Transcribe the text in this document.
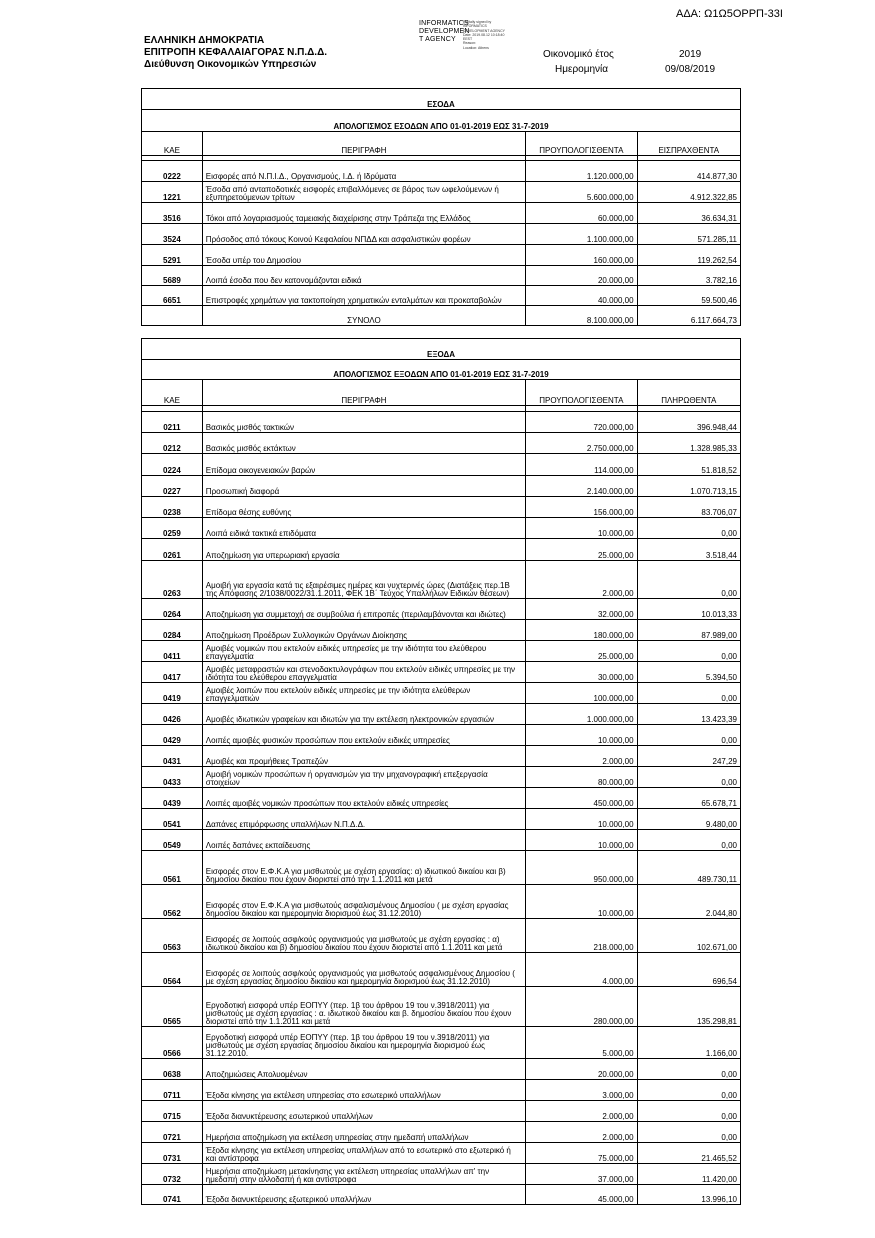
ΑΔΑ: Ω1Ω5ΟΡΡΠ-33Ι
ΕΛΛΗΝΙΚΗ ΔΗΜΟΚΡΑΤΙΑ
ΕΠΙΤΡΟΠΗ ΚΕΦΑΛΑΙΑΓΟΡΑΣ Ν.Π.Δ.Δ.
Διεύθυνση Οικονομικών Υπηρεσιών
INFORMATICS
DEVELOPMEN
T AGENCY
Digitally signed by
INFORMATICS
DEVELOPMENT AGENCY
Date: 2019.08.12 10:18:40
EEST
Reason:
Location: Athens
Οικονομικό έτος	2019
Ημερομηνία	09/08/2019
ΕΣΟΔΑ			
ΑΠΟΛΟΓΙΣΜΟΣ ΕΣΟΔΩΝ ΑΠΟ 01-01-2019 ΕΩΣ 31-7-2019			
ΚΑΕ	ΠΕΡΙΓΡΑΦΗ	ΠΡΟΥΠΟΛΟΓΙΣΘΕΝΤΑ	ΕΙΣΠΡΑΧΘΕΝΤΑ

0222	Εισφορές από Ν.Π.Ι.Δ., Οργανισμούς, Ι.Δ. ή Ιδρύματα	1.120.000,00	414.877,30
1221	Έσοδα από ανταποδοτικές εισφορές επιβαλλόμενες σε βάρος των ωφελούμενων ή εξυπηρετούμενων τρίτων	5.600.000,00	4.912.322,85
3516	Τόκοι από λογαριασμούς ταμειακής διαχείρισης στην Τράπεζα της Ελλάδος	60.000,00	36.634,31
3524	Πρόσοδος από τόκους Κοινού Κεφαλαίου ΝΠΔΔ και ασφαλιστικών φορέων	1.100.000,00	571.285,11
5291	Έσοδα υπέρ του Δημοσίου	160.000,00	119.262,54
5689	Λοιπά έσοδα που δεν κατονομάζονται ειδικά	20.000,00	3.782,16
6651	Επιστροφές χρημάτων για τακτοποίηση χρηματικών ενταλμάτων και προκαταβολών	40.000,00	59.500,46
	ΣΥΝΟΛΟ	8.100.000,00	6.117.664,73
ΕΞΟΔΑ			
ΑΠΟΛΟΓΙΣΜΟΣ ΕΞΟΔΩΝ ΑΠΟ 01-01-2019 ΕΩΣ 31-7-2019			
ΚΑΕ	ΠΕΡΙΓΡΑΦΗ	ΠΡΟΥΠΟΛΟΓΙΣΘΕΝΤΑ	ΠΛΗΡΩΘΕΝΤΑ

0211	Βασικός μισθός τακτικών	720.000,00	396.948,44
0212	Βασικός μισθός εκτάκτων	2.750.000,00	1.328.985,33
0224	Επίδομα οικογενειακών βαρών	114.000,00	51.818,52
0227	Προσωπική διαφορά	2.140.000,00	1.070.713,15
0238	Επίδομα θέσης ευθύνης	156.000,00	83.706,07
0259	Λοιπά ειδικά τακτικά επιδόματα	10.000,00	0,00
0261	Αποζημίωση για υπερωριακή εργασία	25.000,00	3.518,44
0263	Αμοιβή για εργασία κατά τις εξαιρέσιμες ημέρες και νυχτερινές ώρες (Διατάξεις περ.1Β της Απόφασης 2/1038/0022/31.1.2011, ΦΕΚ 1Β΄ Τεύχος Υπαλλήλων Ειδικών θέσεων)	2.000,00	0,00
0264	Αποζημίωση για συμμετοχή σε συμβούλια ή επιτροπές (περιλαμβάνονται και ιδιώτες)	32.000,00	10.013,33
0284	Αποζημίωση Προέδρων Συλλογικών Οργάνων Διοίκησης	180.000,00	87.989,00
0411	Αμοιβές νομικών που εκτελούν ειδικές υπηρεσίες με την ιδιότητα του ελεύθερου επαγγελματία	25.000,00	0,00
0417	Αμοιβές μεταφραστών και στενοδακτυλογράφων που εκτελούν ειδικές υπηρεσίες με την ιδιότητα του ελεύθερου επαγγελματία	30.000,00	5.394,50
0419	Αμοιβές λοιπών που εκτελούν ειδικές υπηρεσίες με την ιδιότητα ελεύθερων επαγγελματιών	100.000,00	0,00
0426	Αμοιβές ιδιωτικών γραφείων και ιδιωτών για την εκτέλεση ηλεκτρονικών εργασιών	1.000.000,00	13.423,39
0429	Λοιπές αμοιβές φυσικών προσώπων που εκτελούν ειδικές υπηρεσίες	10.000,00	0,00
0431	Αμοιβές και προμήθειες Τραπεζών	2.000,00	247,29
0433	Αμοιβή νομικών προσώπων ή οργανισμών για την μηχανογραφική επεξεργασία στοιχείων	80.000,00	0,00
0439	Λοιπές αμοιβές νομικών προσώπων που εκτελούν ειδικές υπηρεσίες	450.000,00	65.678,71
0541	Δαπάνες επιμόρφωσης υπαλλήλων Ν.Π.Δ.Δ.	10.000,00	9.480,00
0549	Λοιπές δαπάνες εκπαίδευσης	10.000,00	0,00
0561	Εισφορές στον Ε.Φ.Κ.Α για μισθωτούς με σχέση εργασίας: α) ιδιωτικού δικαίου και β) δημοσίου δικαίου που έχουν διοριστεί από την 1.1.2011 και μετά	950.000,00	489.730,11
0562	Εισφορές στον Ε.Φ.Κ.Α για μισθωτούς ασφαλισμένους Δημοσίου ( με σχέση εργασίας δημοσίου δικαίου και ημερομηνία διορισμού έως 31.12.2010)	10.000,00	2.044,80
0563	Εισφορές σε λοιπούς ασφ/κούς οργανισμούς για μισθωτούς με σχέση εργασίας : α) ιδιωτικού δικαίου και β) δημοσίου δικαίου που έχουν διοριστεί από 1.1.2011 και μετά	218.000,00	102.671,00
0564	Εισφορές σε λοιπούς ασφ/κούς οργανισμούς για μισθωτούς ασφαλισμένους Δημοσίου ( με σχέση εργασίας δημοσίου δικαίου και ημερομηνία διορισμού έως 31.12.2010)	4.000,00	696,54
0565	Εργοδοτική εισφορά υπέρ ΕΟΠΥΥ (περ. 1β του άρθρου 19 του ν.3918/2011) για μισθωτούς με σχέση εργασίας : α. ιδιωτικού δικαίου και β. δημοσίου δικαίου που έχουν διοριστεί από την 1.1.2011 και μετά	280.000,00	135.298,81
0566	Εργοδοτική εισφορά υπέρ ΕΟΠΥΥ (περ. 1β του άρθρου 19 του ν.3918/2011) για μισθωτούς με σχέση εργασίας δημοσίου δικαίου και ημερομηνία διορισμού έως 31.12.2010.	5.000,00	1.166,00
0638	Αποζημιώσεις Απολυομένων	20.000,00	0,00
0711	Έξοδα κίνησης για εκτέλεση υπηρεσίας στο εσωτερικό υπαλλήλων	3.000,00	0,00
0715	Έξοδα διανυκτέρευσης εσωτερικού υπαλλήλων	2.000,00	0,00
0721	Ημερήσια αποζημίωση για εκτέλεση υπηρεσίας στην ημεδαπή υπαλλήλων	2.000,00	0,00
0731	Έξοδα κίνησης για εκτέλεση υπηρεσίας υπαλλήλων από το εσωτερικό στο εξωτερικό ή και αντίστροφα	75.000,00	21.465,52
0732	Ημερήσια αποζημίωση μετακίνησης για εκτέλεση υπηρεσίας υπαλλήλων απ' την ημεδαπή στην αλλοδαπή ή και αντίστροφα	37.000,00	11.420,00
0741	Έξοδα διανυκτέρευσης εξωτερικού υπαλλήλων	45.000,00	13.996,10
